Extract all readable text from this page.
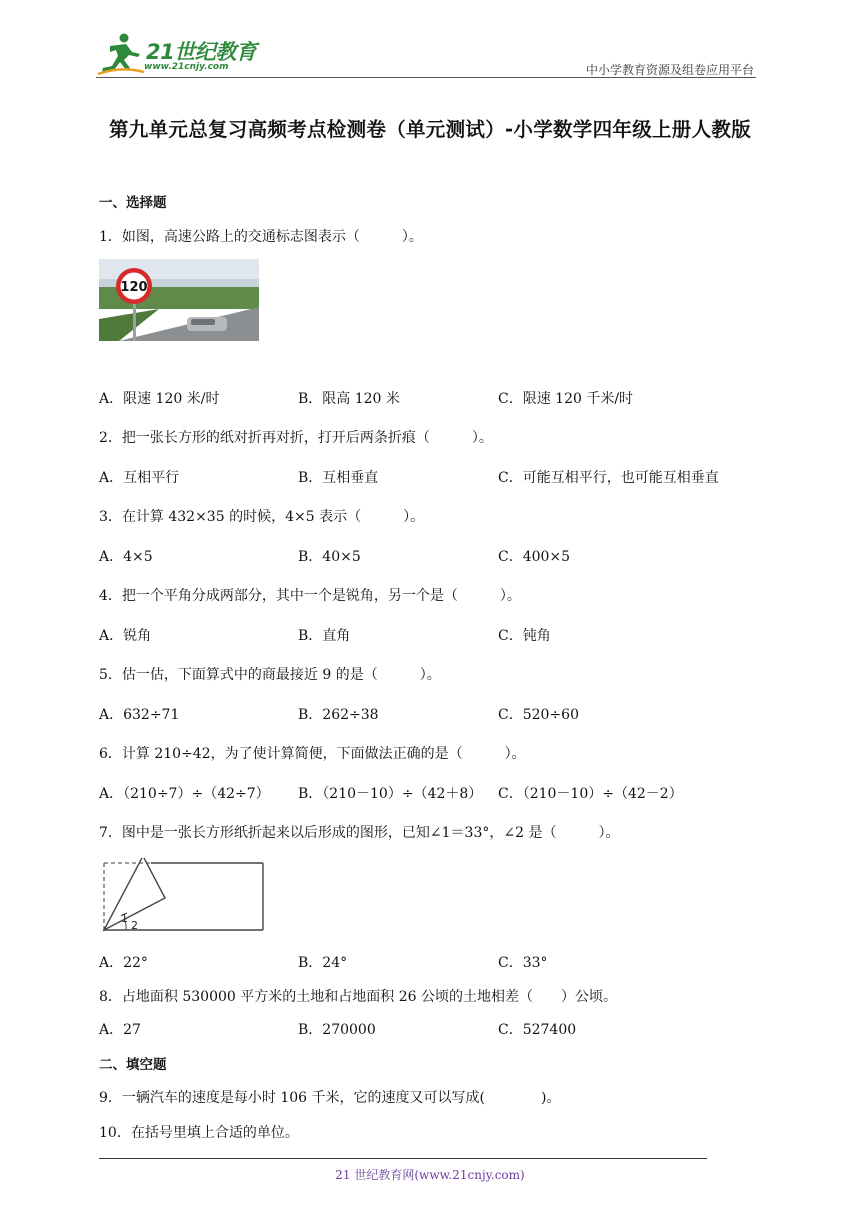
21世纪教育
www.21cnjy.com	中小学教育资源及组卷应用平台
第九单元总复习高频考点检测卷（单元测试）-小学数学四年级上册人教版
一、选择题
1．如图，高速公路上的交通标志图表示（　　　）。
120
A．限速 120 米/时	B．限高 120 米	C．限速 120 千米/时
2．把一张长方形的纸对折再对折，打开后两条折痕（　　　）。
A．互相平行	B．互相垂直	C．可能互相平行，也可能互相垂直
3．在计算 432×35 的时候，4×5 表示（　　　）。
A．4×5	B．40×5	C．400×5
4．把一个平角分成两部分，其中一个是锐角，另一个是（　　　）。
A．锐角	B．直角	C．钝角
5．估一估，下面算式中的商最接近 9 的是（　　　）。
A．632÷71	B．262÷38	C．520÷60
6．计算 210÷42，为了使计算简便，下面做法正确的是（　　　）。
A．（210÷7）÷（42÷7） B．（210－10）÷（42＋8） C．（210－10）÷（42－2）
7．图中是一张长方形纸折起来以后形成的图形，已知∠1＝33°，∠2 是（　　　）。
1
2
A．22°	B．24°	C．33°
8．占地面积 530000 平方米的土地和占地面积 26 公顷的土地相差（　　）公顷。
A．27	B．270000	C．527400
二、填空题
9．一辆汽车的速度是每小时 106 千米，它的速度又可以写成(　　　　)。
10．在括号里填上合适的单位。
21 世纪教育网(www.21cnjy.com)
